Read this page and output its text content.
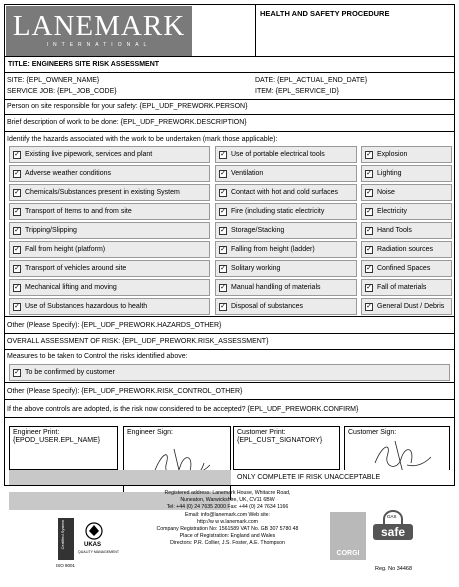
LANEMARK
INTERNATIONAL
HEALTH AND SAFETY PROCEDURE
TITLE: ENGINEERS SITE RISK ASSESSMENT
SITE: {EPL_OWNER_NAME}	DATE: {EPL_ACTUAL_END_DATE}
SERVICE JOB: {EPL_JOB_CODE}	ITEM: {EPL_SERVICE_ID}
Person on site responsible for your safety: {EPL_UDF_PREWORK.PERSON}
Brief description of work to be done: {EPL_UDF_PREWORK.DESCRIPTION}
Identify the hazards associated with the work to be undertaken (mark those applicable):
✓ Existing live pipework, services and plant	✓ Use of portable electrical tools	✓ Explosion
✓ Adverse weather conditions	✓ Ventilation	✓ Lighting
✓ Chemicals/Substances present in existing System	✓ Contact with hot and cold surfaces	✓ Noise
✓ Transport of Items to and from site	✓ Fire (including static electricity	✓ Electricity
✓ Tripping/Slipping	✓ Storage/Stacking	✓ Hand Tools
✓ Fall from height (platform)	✓ Falling from height (ladder)	✓ Radiation sources
✓ Transport of vehicles around site	✓ Solitary working	✓ Confined Spaces
✓ Mechanical lifting and moving	✓ Manual handling of materials	✓ Fall of materials
✓ Use of Substances hazardous to health	✓ Disposal of substances	✓ General Dust / Debris
Other (Please Specify): {EPL_UDF_PREWORK.HAZARDS_OTHER}
OVERALL ASSESSMENT OF RISK: {EPL_UDF_PREWORK.RISK_ASSESSMENT}
Measures to be taken to Control the risks identified above:
✓ To be confirmed by customer
Other (Please Specify): {EPL_UDF_PREWORK.RISK_CONTROL_OTHER}
If the above controls are adopted, is the risk now considered to be accepted? {EPL_UDF_PREWORK.CONFIRM}
Engineer Print:
{EPOD_USER.EPL_NAME}
Engineer Sign:	Customer Print:
{EPL_CUST_SIGNATORY}
Customer Sign:
ONLY COMPLETE IF RISK UNACCEPTABLE
Certified System
ISO 9001
UKAS
QUALITY MANAGEMENT
Registered address: Lanemark House, Whitacre Road,
Nuneaton, Warwickshire, UK, CV11 6BW
Tel: +44 (0) 24 7635 2000 Fax: +44 (0) 24 7634 1166
Email: info@lanemark.com Web site:
http://w w w.lanemark.com
Company Registration No: 1561589 VAT No. GB 307 5780 48
Place of Registration: England and Wales
Directors: P.R. Collier, J.S. Foster, A.E. Thompson
CORGI
GAS
safe
Reg. No 34468
